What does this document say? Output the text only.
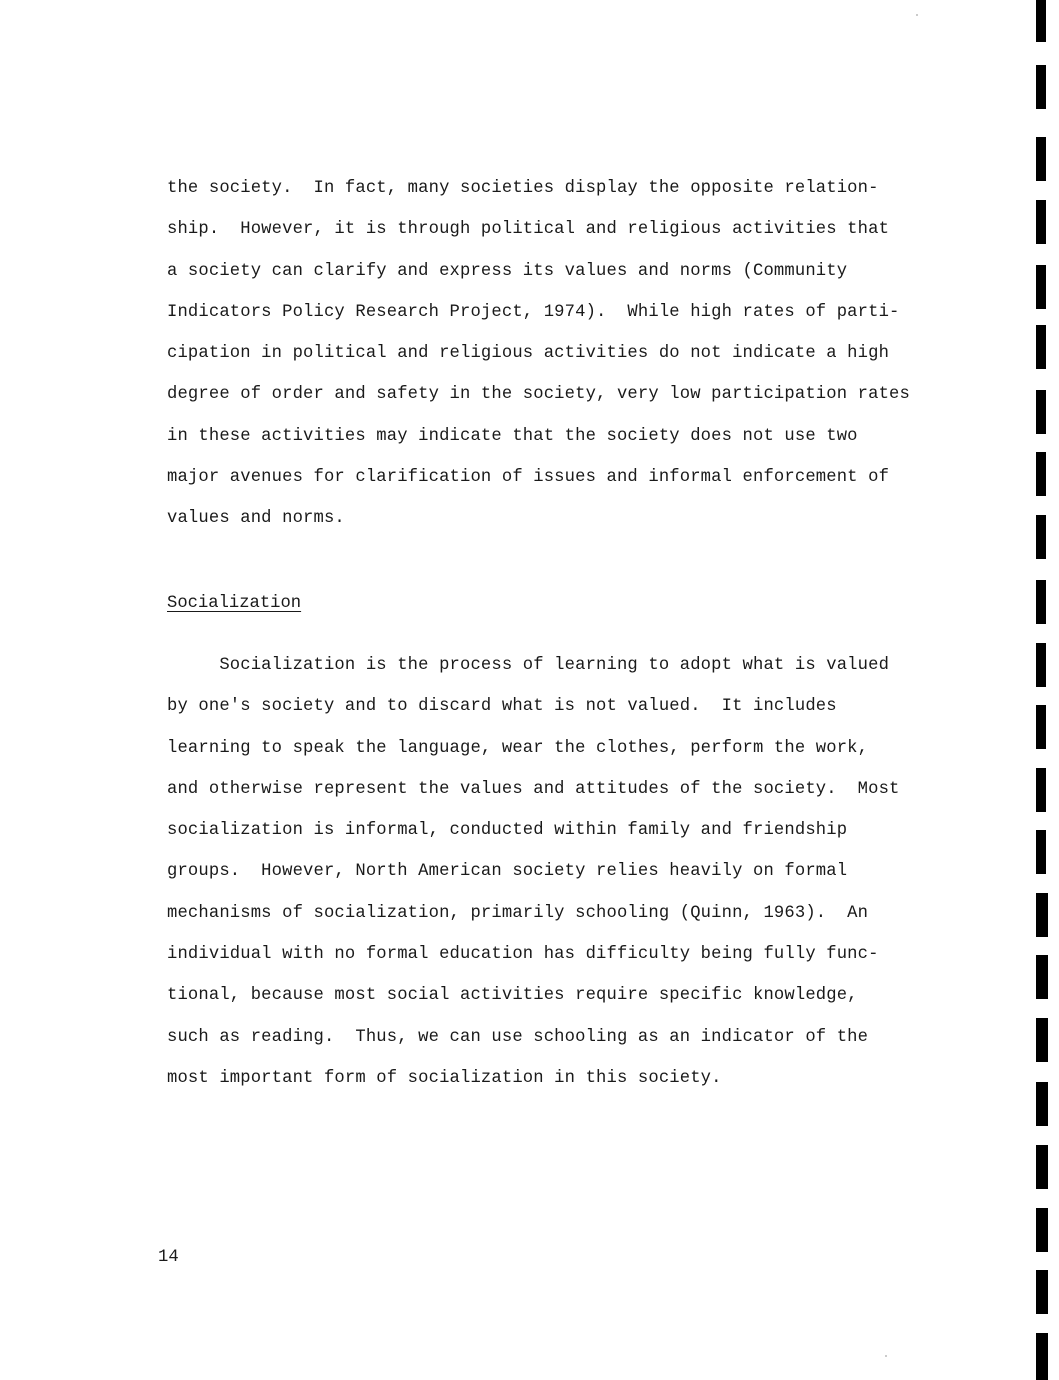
the society.  In fact, many societies display the opposite relation-
ship.  However, it is through political and religious activities that
a society can clarify and express its values and norms (Community
Indicators Policy Research Project, 1974).  While high rates of parti-
cipation in political and religious activities do not indicate a high
degree of order and safety in the society, very low participation rates
in these activities may indicate that the society does not use two
major avenues for clarification of issues and informal enforcement of
values and norms.
Socialization
Socialization is the process of learning to adopt what is valued
by one's society and to discard what is not valued.  It includes
learning to speak the language, wear the clothes, perform the work,
and otherwise represent the values and attitudes of the society.  Most
socialization is informal, conducted within family and friendship
groups.  However, North American society relies heavily on formal
mechanisms of socialization, primarily schooling (Quinn, 1963).  An
individual with no formal education has difficulty being fully func-
tional, because most social activities require specific knowledge,
such as reading.  Thus, we can use schooling as an indicator of the
most important form of socialization in this society.
14
